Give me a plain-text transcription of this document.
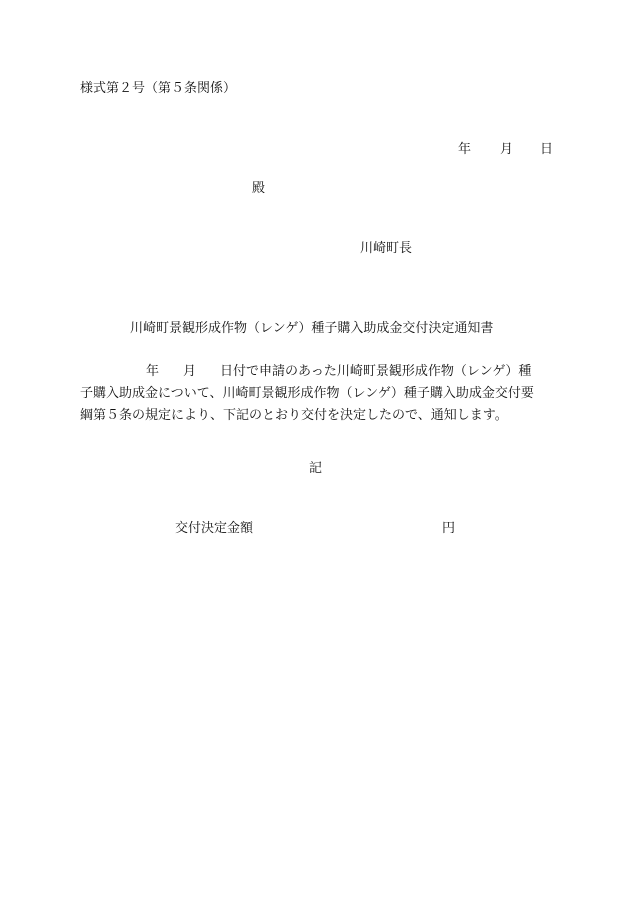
様式第２号（第５条関係）
年 月 日
殿
川崎町長
川崎町景観形成作物（レンゲ）種子購入助成金交付決定通知書
年 月 日付で申請のあった川崎町景観形成作物（レンゲ）種
子購入助成金について、川崎町景観形成作物（レンゲ）種子購入助成金交付要
綱第５条の規定により、下記のとおり交付を決定したので、通知します。
記
交付決定金額	円
